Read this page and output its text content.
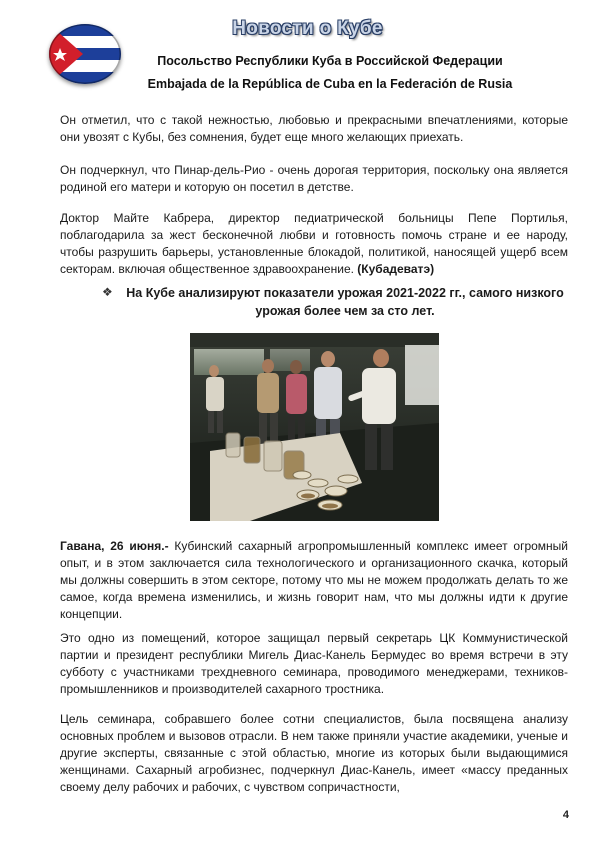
Новости о Кубе
Посольство Республики Куба в Российской Федерации
Embajada de la República de Cuba en la Federación de Rusia
Он отметил, что с такой нежностью, любовью и прекрасными впечатлениями, которые они увозят с Кубы, без сомнения, будет еще много желающих приехать.
Он подчеркнул, что Пинар-дель-Рио - очень дорогая территория, поскольку она является родиной его матери и которую он посетил в детстве.
Доктор Майте Кабрера, директор педиатрической больницы Пепе Портилья, поблагодарила за жест бесконечной любви и готовность помочь стране и ее народу, чтобы разрушить барьеры, установленные блокадой, политикой, наносящей ущерб всем секторам. включая общественное здравоохранение. (Кубадеватэ)
❖	На Кубе анализируют показатели урожая 2021-2022 гг., самого низкого урожая более чем за сто лет.
Гавана, 26 июня.- Кубинский сахарный агропромышленный комплекс имеет огромный опыт, и в этом заключается сила технологического и организационного скачка, который мы должны совершить в этом секторе, потому что мы не можем продолжать делать то же самое, когда времена изменились, и жизнь говорит нам, что мы должны идти к другие концепции.
Это одно из помещений, которое защищал первый секретарь ЦК Коммунистической партии и президент республики Мигель Диас-Канель Бермудес во время встречи в эту субботу с участниками трехдневного семинара, проводимого менеджерами, техников-промышленников и производителей сахарного тростника.
Цель семинара, собравшего более сотни специалистов, была посвящена анализу основных проблем и вызовов отрасли. В нем также приняли участие академики, ученые и другие эксперты, связанные с этой областью, многие из которых были выдающимися женщинами. Сахарный агробизнес, подчеркнул Диас-Канель, имеет «массу преданных своему делу рабочих и рабочих, с чувством сопричастности,
4
